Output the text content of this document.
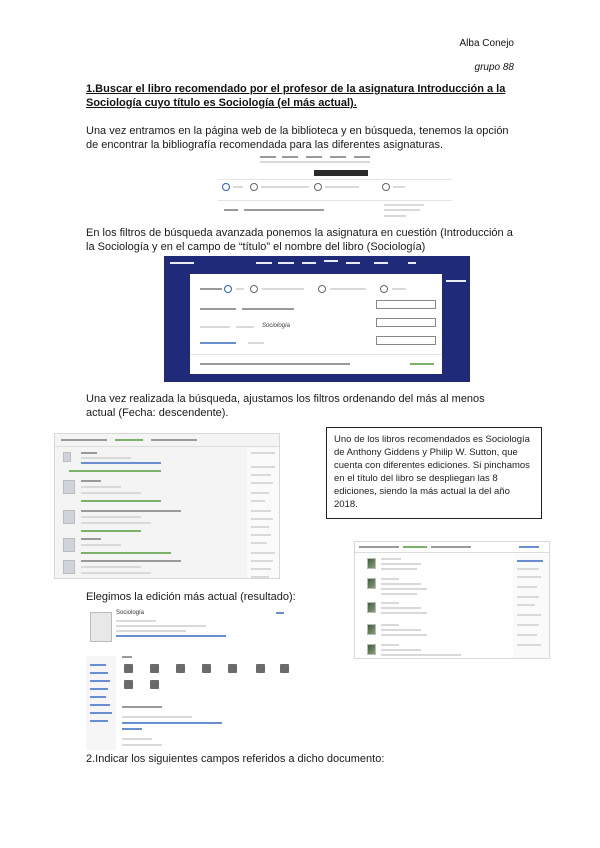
Alba Conejo
grupo 88
1.Buscar el libro recomendado por el profesor de la asignatura Introducción a la Sociología cuyo título es Sociología (el más actual).
Una vez entramos en la página web de la biblioteca y en búsqueda, tenemos la opción de encontrar la bibliografía recomendada para las diferentes asignaturas.
En los filtros de búsqueda avanzada ponemos la asignatura en cuestión (Introducción a la Sociología y en el campo de “título” el nombre del libro (Sociología)
Sociología
Una vez realizada la búsqueda, ajustamos los filtros ordenando del más al menos actual (Fecha: descendente).
Uno de los libros recomendados es Sociología de Anthony Giddens y Philip W. Sutton, que cuenta con diferentes ediciones. Si pinchamos en el título del libro se despliegan las 8 ediciones, siendo la más actual la del año 2018.
Elegimos la edición más actual (resultado):
Sociología
2.Indicar los siguientes campos referidos a dicho documento:
